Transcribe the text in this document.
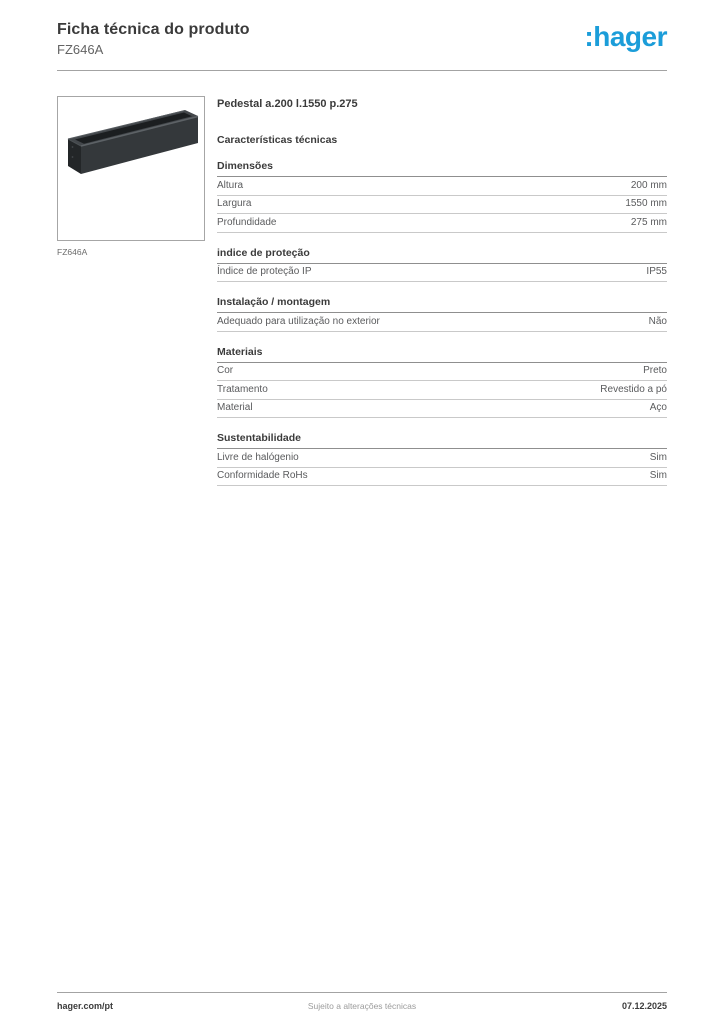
Ficha técnica do produto
FZ646A	:hager
FZ646A
Pedestal a.200 l.1550 p.275
Características técnicas
Dimensões
Altura	200 mm
Largura	1550 mm
Profundidade	275 mm
indice de proteção
Índice de proteção IP	IP55
Instalação / montagem
Adequado para utilização no exterior	Não
Materiais
Cor	Preto
Tratamento	Revestido a pó
Material	Aço
Sustentabilidade
Livre de halógenio	Sim
Conformidade RoHs	Sim
hager.com/pt	Sujeito a alterações técnicas	07.12.2025
